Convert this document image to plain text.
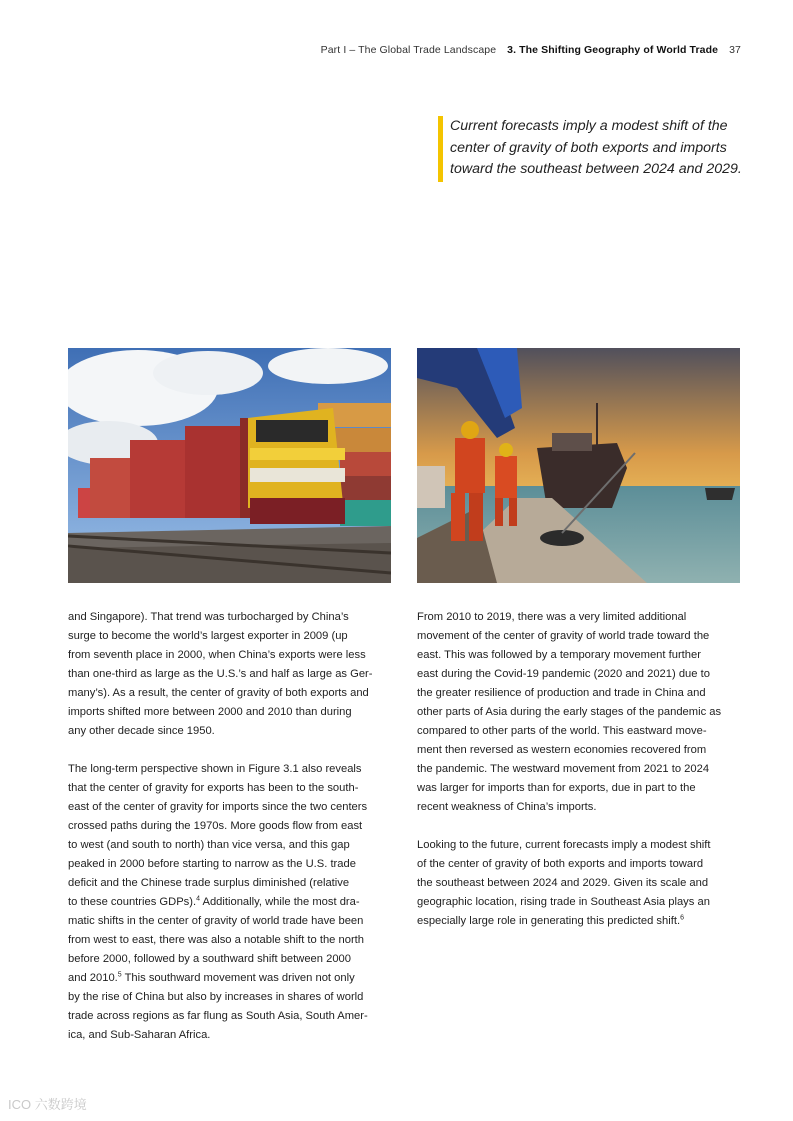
Part I – The Global Trade Landscape 3. The Shifting Geography of World Trade 37
Current forecasts imply a modest shift of the
center of gravity of both exports and imports
toward the southeast between 2024 and 2029.

and Singapore). That trend was turbocharged by China’s
surge to become the world’s largest exporter in 2009 (up
from seventh place in 2000, when China’s exports were less
than one-third as large as the U.S.’s and half as large as Ger-
many’s). As a result, the center of gravity of both exports and
imports shifted more between 2000 and 2010 than during
any other decade since 1950.

The long-term perspective shown in Figure 3.1 also reveals
that the center of gravity for exports has been to the south-
east of the center of gravity for imports since the two centers
crossed paths during the 1970s. More goods flow from east
to west (and south to north) than vice versa, and this gap
peaked in 2000 before starting to narrow as the U.S. trade
deficit and the Chinese trade surplus diminished (relative
to these countries GDPs).$^4$ Additionally, while the most dra-
matic shifts in the center of gravity of world trade have been
from west to east, there was also a notable shift to the north
before 2000, followed by a southward shift between 2000
and 2010.$^5$ This southward movement was driven not only
by the rise of China but also by increases in shares of world
trade across regions as far flung as South Asia, South Amer-
ica, and Sub-Saharan Africa.

From 2010 to 2019, there was a very limited additional
movement of the center of gravity of world trade toward the
east. This was followed by a temporary movement further
east during the Covid-19 pandemic (2020 and 2021) due to
the greater resilience of production and trade in China and
other parts of Asia during the early stages of the pandemic as
compared to other parts of the world. This eastward move-
ment then reversed as western economies recovered from
the pandemic. The westward movement from 2021 to 2024
was larger for imports than for exports, due in part to the
recent weakness of China’s imports.

Looking to the future, current forecasts imply a modest shift
of the center of gravity of both exports and imports toward
the southeast between 2024 and 2029. Given its scale and
geographic location, rising trade in Southeast Asia plays an
especially large role in generating this predicted shift.$^6$

ICO 六数跨境
